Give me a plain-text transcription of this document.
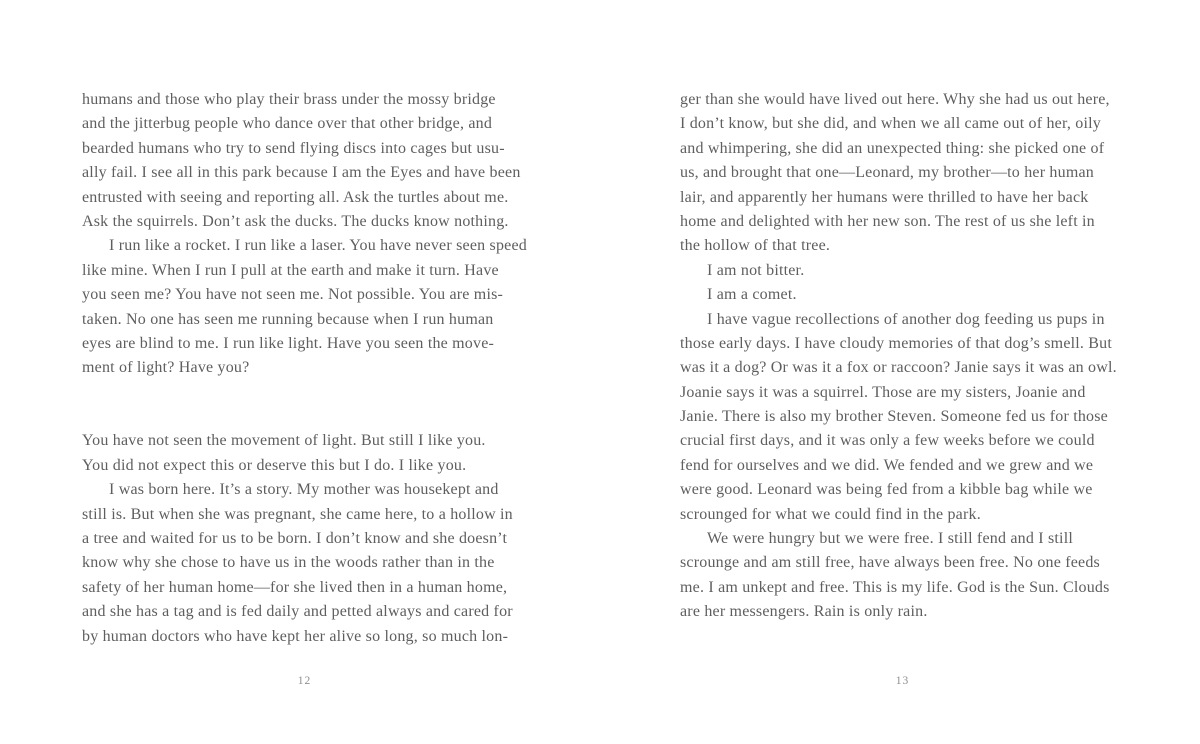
humans and those who play their brass under the mossy bridge
and the jitterbug people who dance over that other bridge, and
bearded humans who try to send flying discs into cages but usu-
ally fail. I see all in this park because I am the Eyes and have been
entrusted with seeing and reporting all. Ask the turtles about me.
Ask the squirrels. Don’t ask the ducks. The ducks know nothing.
I run like a rocket. I run like a laser. You have never seen speed
like mine. When I run I pull at the earth and make it turn. Have
you seen me? You have not seen me. Not possible. You are mis-
taken. No one has seen me running because when I run human
eyes are blind to me. I run like light. Have you seen the move-
ment of light? Have you?
You have not seen the movement of light. But still I like you.
You did not expect this or deserve this but I do. I like you.
I was born here. It’s a story. My mother was housekept and
still is. But when she was pregnant, she came here, to a hollow in
a tree and waited for us to be born. I don’t know and she doesn’t
know why she chose to have us in the woods rather than in the
safety of her human home—for she lived then in a human home,
and she has a tag and is fed daily and petted always and cared for
by human doctors who have kept her alive so long, so much lon-
12
ger than she would have lived out here. Why she had us out here,
I don’t know, but she did, and when we all came out of her, oily
and whimpering, she did an unexpected thing: she picked one of
us, and brought that one—Leonard, my brother—to her human
lair, and apparently her humans were thrilled to have her back
home and delighted with her new son. The rest of us she left in
the hollow of that tree.
I am not bitter.
I am a comet.
I have vague recollections of another dog feeding us pups in
those early days. I have cloudy memories of that dog’s smell. But
was it a dog? Or was it a fox or raccoon? Janie says it was an owl.
Joanie says it was a squirrel. Those are my sisters, Joanie and
Janie. There is also my brother Steven. Someone fed us for those
crucial first days, and it was only a few weeks before we could
fend for ourselves and we did. We fended and we grew and we
were good. Leonard was being fed from a kibble bag while we
scrounged for what we could find in the park.
We were hungry but we were free. I still fend and I still
scrounge and am still free, have always been free. No one feeds
me. I am unkept and free. This is my life. God is the Sun. Clouds
are her messengers. Rain is only rain.
13
